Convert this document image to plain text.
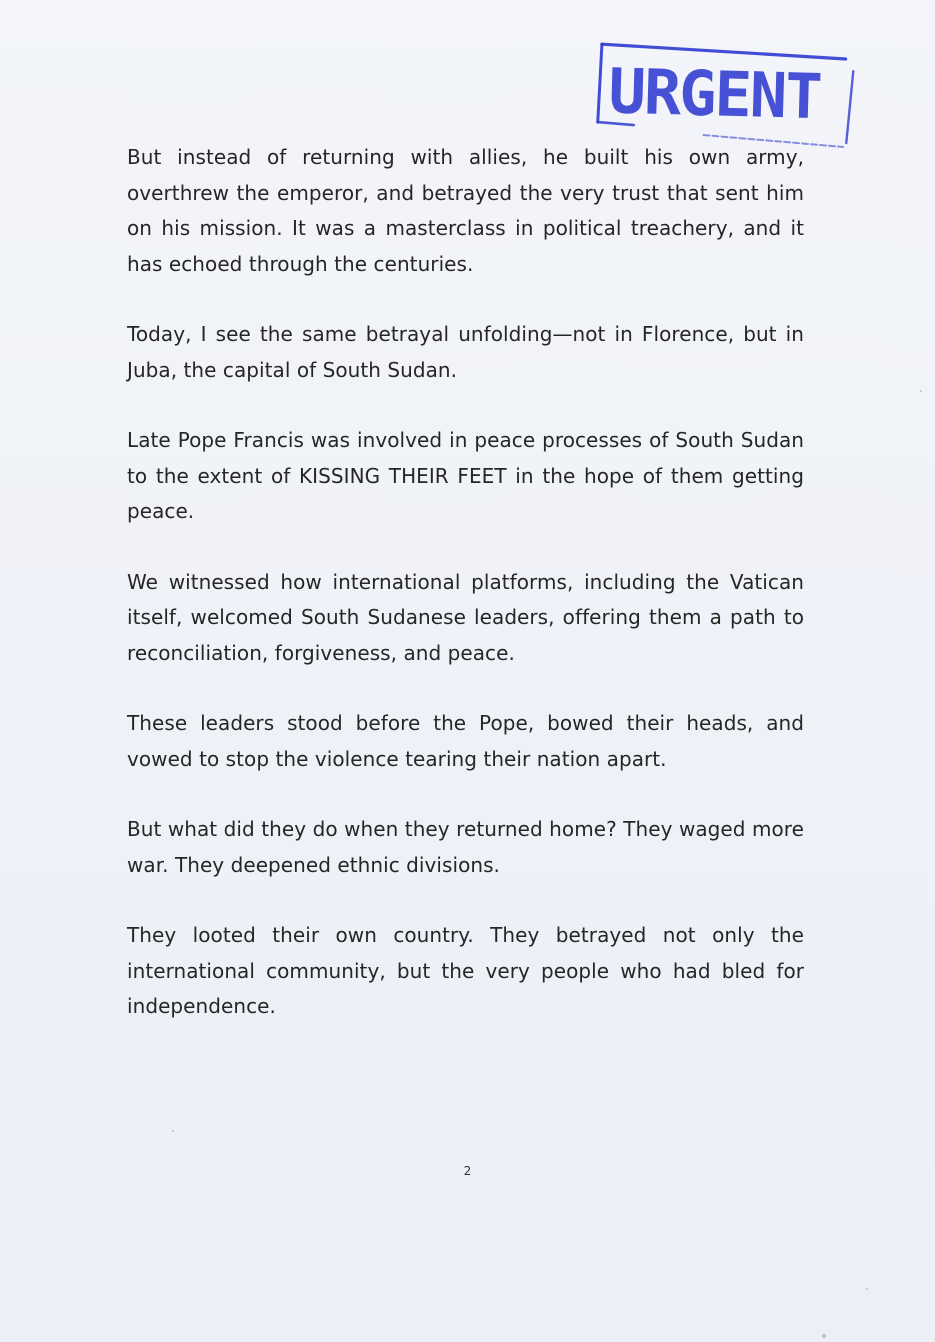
URGENT

But instead of returning with allies, he built his own army, overthrew the emperor, and betrayed the very trust that sent him on his mission. It was a masterclass in political treachery, and it has echoed through the centuries.

Today, I see the same betrayal unfolding—not in Florence, but in Juba, the capital of South Sudan.

Late Pope Francis was involved in peace processes of South Sudan to the extent of KISSING THEIR FEET in the hope of them getting peace.

We witnessed how international platforms, including the Vatican itself, welcomed South Sudanese leaders, offering them a path to reconciliation, forgiveness, and peace.

These leaders stood before the Pope, bowed their heads, and vowed to stop the violence tearing their nation apart.

But what did they do when they returned home? They waged more war. They deepened ethnic divisions.

They looted their own country. They betrayed not only the international community, but the very people who had bled for independence.

2
